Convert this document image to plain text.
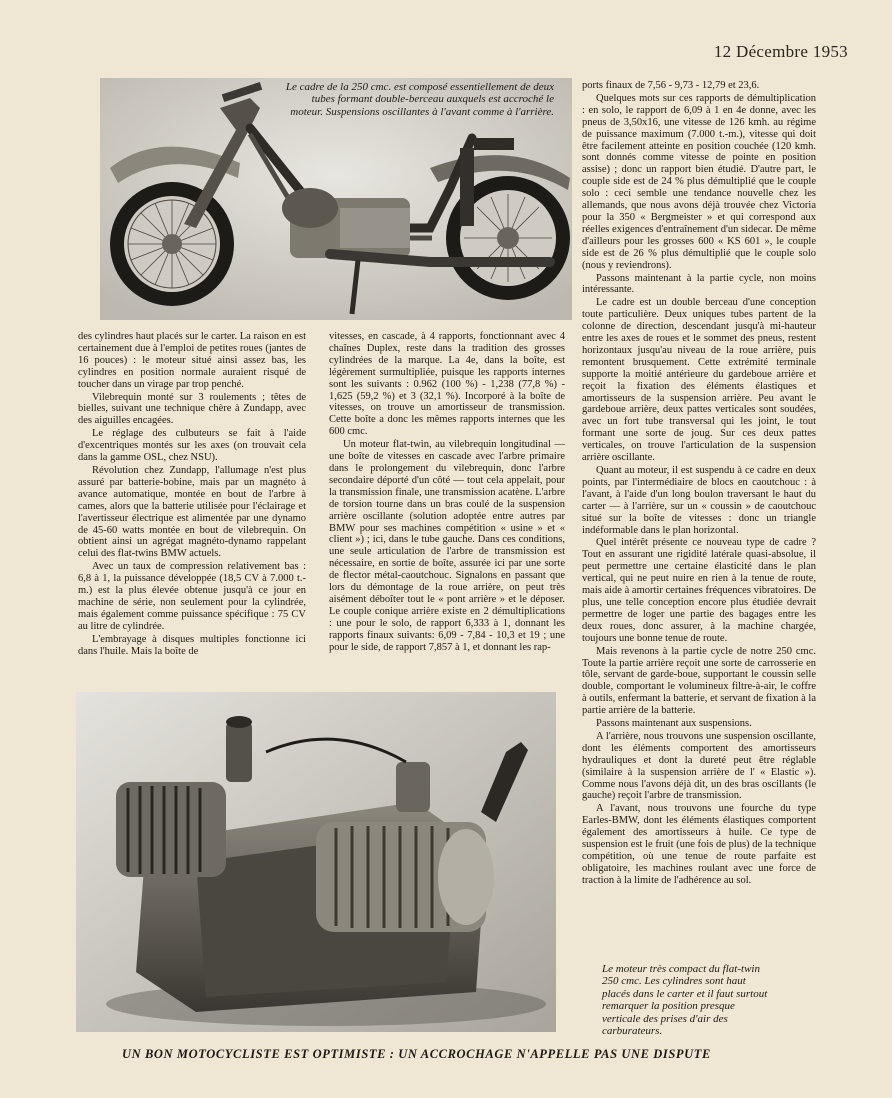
12 Décembre 1953
Le cadre de la 250 cmc. est composé essentiellement de deux tubes formant double-berceau auxquels est accroché le moteur. Suspensions oscillantes à l'avant comme à l'arrière.

des cylindres haut placés sur le carter. La raison en est certainement due à l'emploi de petites roues (jantes de 16 pouces) : le moteur situé ainsi assez bas, les cylindres en position normale auraient risqué de toucher dans un virage par trop penché.

Vilebrequin monté sur 3 roulements ; têtes de bielles, suivant une technique chère à Zundapp, avec des aiguilles encagées.

Le réglage des culbuteurs se fait à l'aide d'excentriques montés sur les axes (on trouvait cela dans la gamme OSL, chez NSU).

Révolution chez Zundapp, l'allumage n'est plus assuré par batterie-bobine, mais par un magnéto à avance automatique, montée en bout de l'arbre à cames, alors que la batterie utilisée pour l'éclairage et l'avertisseur électrique est alimentée par une dynamo de 45-60 watts montée en bout de vilebrequin. On obtient ainsi un agrégat magnéto-dynamo rappelant celui des flat-twins BMW actuels.

Avec un taux de compression relativement bas : 6,8 à 1, la puissance développée (18,5 CV à 7.000 t.-m.) est la plus élevée obtenue jusqu'à ce jour en machine de série, non seulement pour la cylindrée, mais également comme puissance spécifique : 75 CV au litre de cylindrée.

L'embrayage à disques multiples fonctionne ici dans l'huile. Mais la boîte de

vitesses, en cascade, à 4 rapports, fonctionnant avec 4 chaînes Duplex, reste dans la tradition des grosses cylindrées de la marque. La 4e, dans la boîte, est légèrement surmultipliée, puisque les rapports internes sont les suivants : 0.962 (100 %) - 1,238 (77,8 %) - 1,625 (59,2 %) et 3 (32,1 %). Incorporé à la boîte de vitesses, on trouve un amortisseur de transmission. Cette boîte a donc les mêmes rapports internes que les 600 cmc.

Un moteur flat-twin, au vilebrequin longitudinal — une boîte de vitesses en cascade avec l'arbre primaire dans le prolongement du vilebrequin, donc l'arbre secondaire déporté d'un côté — tout cela appelait, pour la transmission finale, une transmission acatène. L'arbre de torsion tourne dans un bras coulé de la suspension arrière oscillante (solution adoptée entre autres par BMW pour ses machines compétition « usine » et « client ») ; ici, dans le tube gauche. Dans ces conditions, une seule articulation de l'arbre de transmission est nécessaire, en sortie de boîte, assurée ici par une sorte de flector métal-caoutchouc. Signalons en passant que lors du démontage de la roue arrière, on peut très aisément déboîter tout le « pont arrière » et le déposer. Le couple conique arrière existe en 2 démultiplications : une pour le solo, de rapport 6,333 à 1, donnant les rapports finaux suivants: 6,09 - 7,84 - 10,3 et 19 ; une pour le side, de rapport 7,857 à 1, et donnant les rap-

ports finaux de 7,56 - 9,73 - 12,79 et 23,6.

Quelques mots sur ces rapports de démultiplication : en solo, le rapport de 6,09 à 1 en 4e donne, avec les pneus de 3,50x16, une vitesse de 126 kmh. au régime de puissance maximum (7.000 t.-m.), vitesse qui doit être facilement atteinte en position couchée (120 kmh. sont donnés comme vitesse de pointe en position assise) ; donc un rapport bien étudié. D'autre part, le couple side est de 24 % plus démultiplié que le couple solo : ceci semble une tendance nouvelle chez les allemands, que nous avons déjà trouvée chez Victoria pour la 350 « Bergmeister » et qui correspond aux réelles exigences d'entraînement d'un sidecar. De même d'ailleurs pour les grosses 600 « KS 601 », le couple side est de 26 % plus démultiplié que le couple solo (nous y reviendrons).

Passons maintenant à la partie cycle, non moins intéressante.

Le cadre est un double berceau d'une conception toute particulière. Deux uniques tubes partent de la colonne de direction, descendant jusqu'à mi-hauteur entre les axes de roues et le sommet des pneus, restent horizontaux jusqu'au niveau de la roue arrière, puis remontent brusquement. Cette extrémité terminale supporte la moitié antérieure du gardeboue arrière et reçoit la fixation des éléments élastiques et amortisseurs de la suspension arrière. Peu avant le gardeboue arrière, deux pattes verticales sont soudées, avec un fort tube transversal qui les joint, le tout formant une sorte de joug. Sur ces deux pattes verticales, on trouve l'articulation de la suspension arrière oscillante.

Quant au moteur, il est suspendu à ce cadre en deux points, par l'intermédiaire de blocs en caoutchouc : à l'avant, à l'aide d'un long boulon traversant le haut du carter — à l'arrière, sur un « coussin » de caoutchouc situé sur la boîte de vitesses : donc un triangle indéformable dans le plan horizontal.

Quel intérêt présente ce nouveau type de cadre ? Tout en assurant une rigidité latérale quasi-absolue, il peut permettre une certaine élasticité dans le plan vertical, qui ne peut nuire en rien à la tenue de route, mais aide à amortir certaines fréquences vibratoires. De plus, une telle conception encore plus étudiée devrait permettre de loger une partie des bagages entre les deux roues, donc assurer, à la machine chargée, toujours une bonne tenue de route.

Mais revenons à la partie cycle de notre 250 cmc. Toute la partie arrière reçoit une sorte de carrosserie en tôle, servant de garde-boue, supportant le coussin selle double, comportant le volumineux filtre-à-air, le coffre à outils, enfermant la batterie, et servant de fixation à la partie arrière de la batterie.

Passons maintenant aux suspensions.

A l'arrière, nous trouvons une suspension oscillante, dont les éléments comportent des amortisseurs hydrauliques et dont la dureté peut être réglable (similaire à la suspension arrière de l' « Elastic »). Comme nous l'avons déjà dit, un des bras oscillants (le gauche) reçoit l'arbre de transmission.

A l'avant, nous trouvons une fourche du type Earles-BMW, dont les éléments élastiques comportent également des amortisseurs à huile. Ce type de suspension est le fruit (une fois de plus) de la technique compétition, où une tenue de route parfaite est obligatoire, les machines roulant avec une force de traction à la limite de l'adhérence au sol.

Le moteur très compact du flat-twin 250 cmc. Les cylindres sont haut placés dans le carter et il faut surtout remarquer la position presque verticale des prises d'air des carburateurs.
UN BON MOTOCYCLISTE EST OPTIMISTE : UN ACCROCHAGE N'APPELLE PAS UNE DISPUTE
